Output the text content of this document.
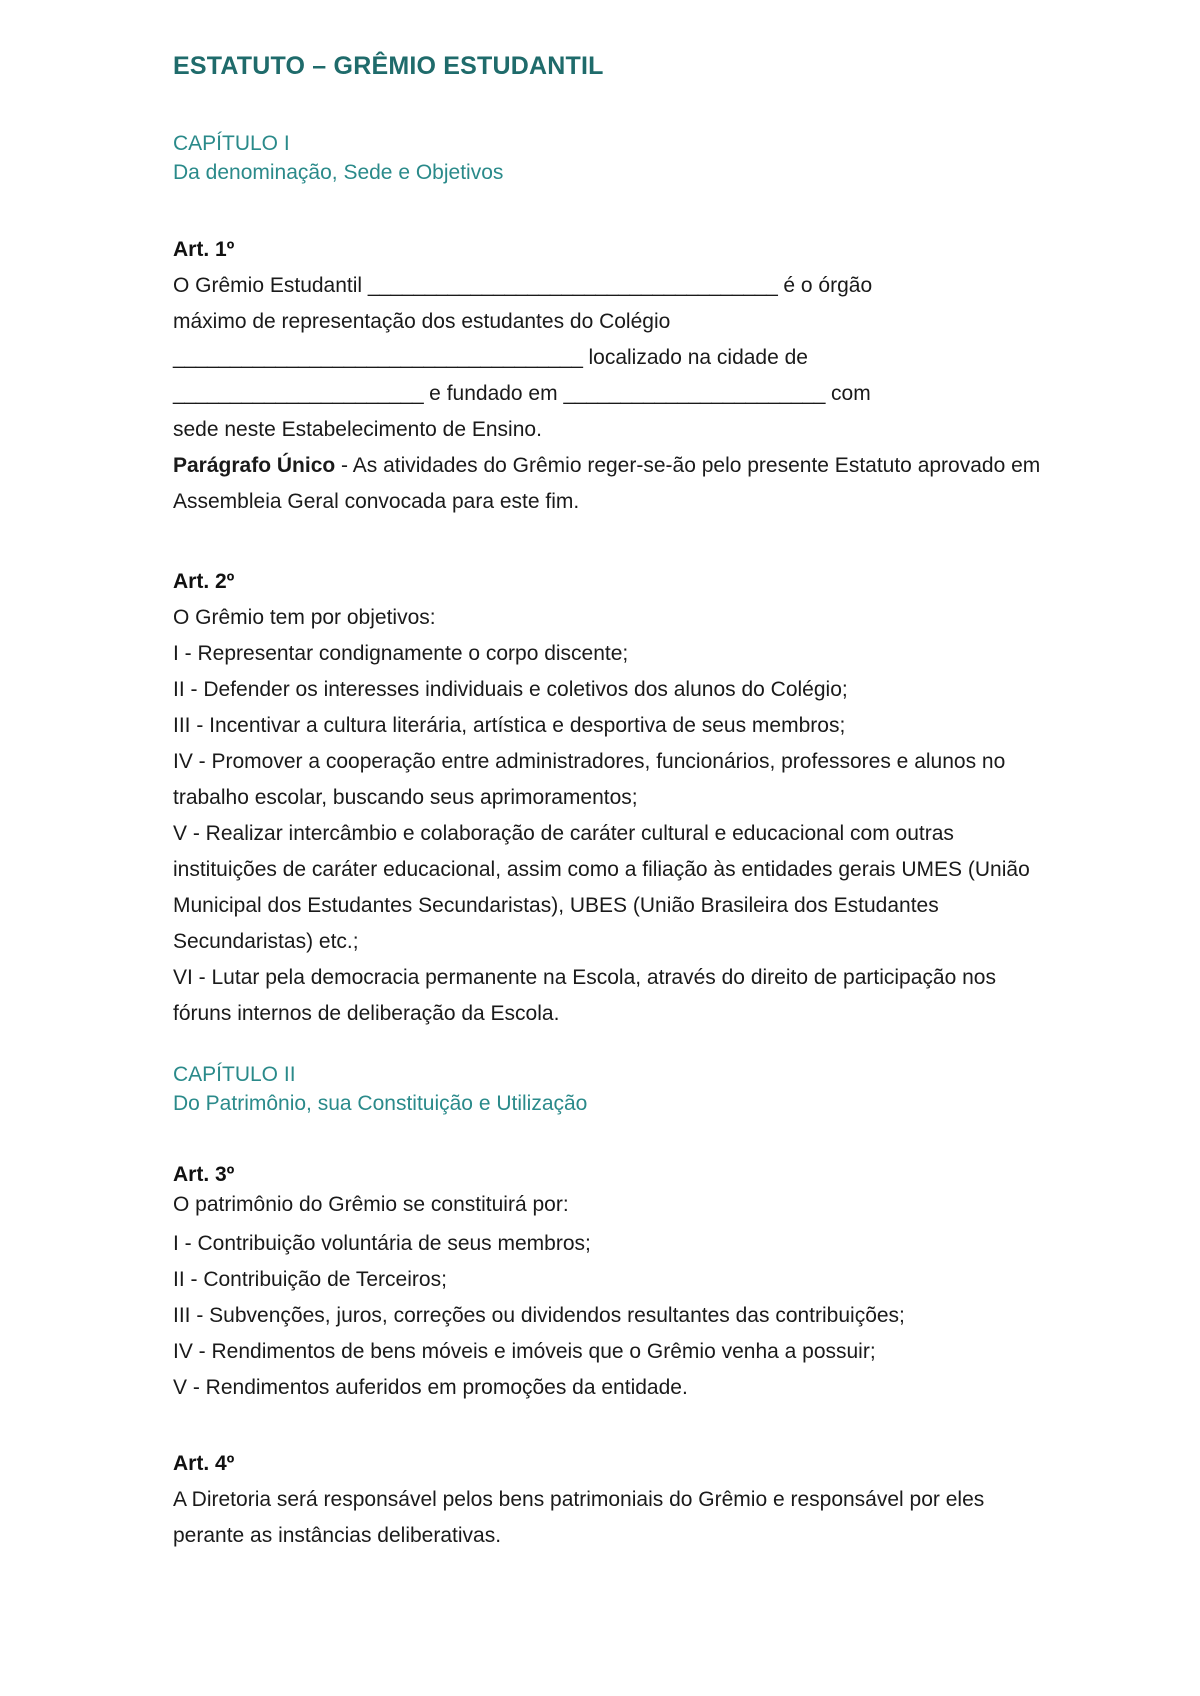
ESTATUTO – GRÊMIO ESTUDANTIL
CAPÍTULO I
Da denominação, Sede e Objetivos

Art. 1º

O Grêmio Estudantil ____________________________________ é o órgão

máximo de representação dos estudantes do Colégio

____________________________________ localizado na cidade de

______________________ e fundado em _______________________ com

sede neste Estabelecimento de Ensino.

Parágrafo Único - As atividades do Grêmio reger-se-ão pelo presente Estatuto aprovado em Assembleia Geral convocada para este fim.

Art. 2º

O Grêmio tem por objetivos:

I - Representar condignamente o corpo discente;
II - Defender os interesses individuais e coletivos dos alunos do Colégio;
III - Incentivar a cultura literária, artística e desportiva de seus membros;
IV - Promover a cooperação entre administradores, funcionários, professores e alunos no trabalho escolar, buscando seus aprimoramentos;
V - Realizar intercâmbio e colaboração de caráter cultural e educacional com outras instituições de caráter educacional, assim como a filiação às entidades gerais UMES (União Municipal dos Estudantes Secundaristas), UBES (União Brasileira dos Estudantes Secundaristas) etc.;
VI - Lutar pela democracia permanente na Escola, através do direito de participação nos fóruns internos de deliberação da Escola.
CAPÍTULO II
Do Patrimônio, sua Constituição e Utilização

Art. 3º

O patrimônio do Grêmio se constituirá por:

I - Contribuição voluntária de seus membros;
II - Contribuição de Terceiros;
III - Subvenções, juros, correções ou dividendos resultantes das contribuições;
IV - Rendimentos de bens móveis e imóveis que o Grêmio venha a possuir;
V - Rendimentos auferidos em promoções da entidade.

Art. 4º

A Diretoria será responsável pelos bens patrimoniais do Grêmio e responsável por eles perante as instâncias deliberativas.
